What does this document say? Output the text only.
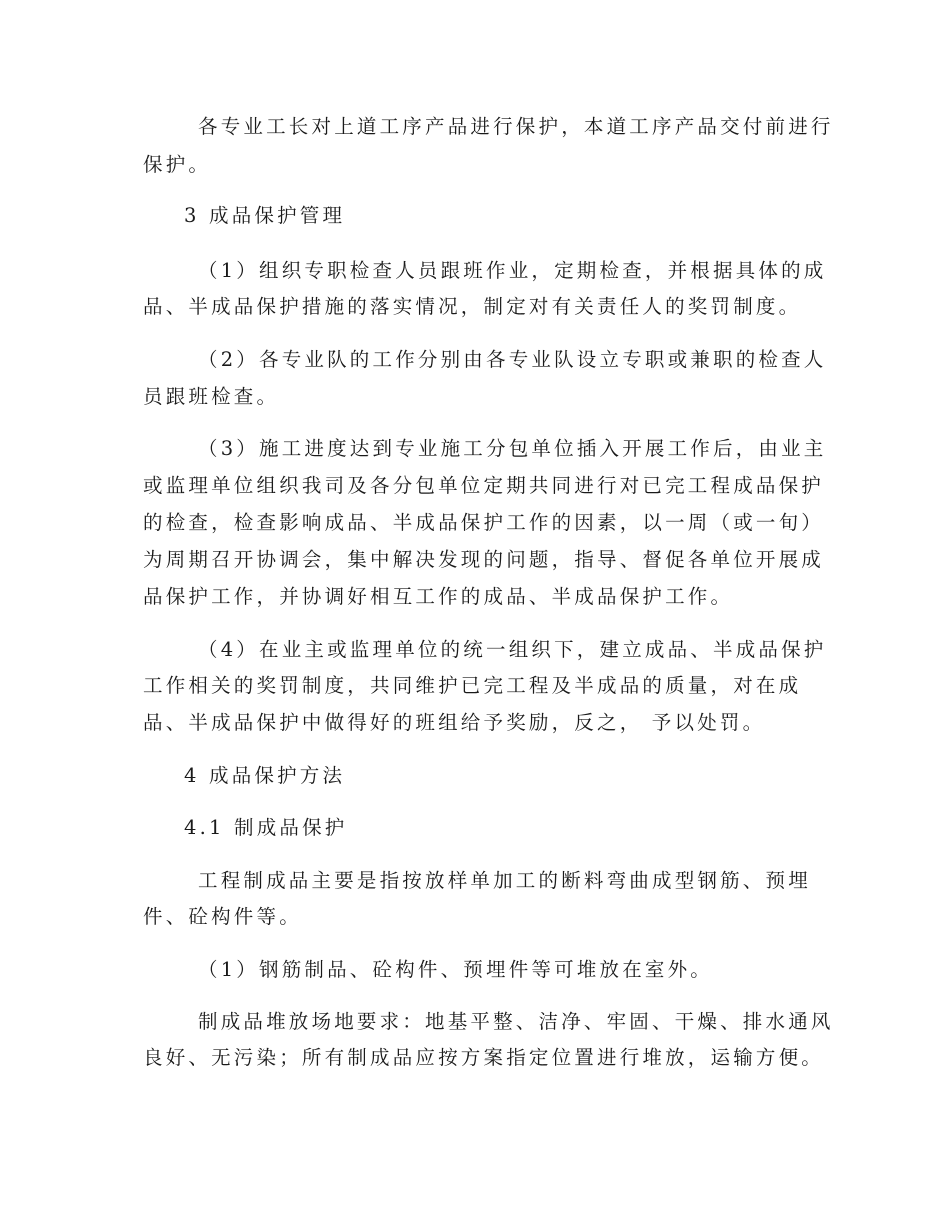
各专业工长对上道工序产品进行保护，本道工序产品交付前进行
保护。
3 成品保护管理
（1）组织专职检查人员跟班作业，定期检查，并根据具体的成
品、半成品保护措施的落实情况，制定对有关责任人的奖罚制度。
（2）各专业队的工作分别由各专业队设立专职或兼职的检查人
员跟班检查。
（3）施工进度达到专业施工分包单位插入开展工作后，由业主
或监理单位组织我司及各分包单位定期共同进行对已完工程成品保护
的检查，检查影响成品、半成品保护工作的因素，以一周（或一旬）
为周期召开协调会，集中解决发现的问题，指导、督促各单位开展成
品保护工作，并协调好相互工作的成品、半成品保护工作。
（4）在业主或监理单位的统一组织下，建立成品、半成品保护
工作相关的奖罚制度，共同维护已完工程及半成品的质量，对在成
品、半成品保护中做得好的班组给予奖励，反之， 予以处罚。
4 成品保护方法
4.1 制成品保护
工程制成品主要是指按放样单加工的断料弯曲成型钢筋、预埋
件、砼构件等。
（1）钢筋制品、砼构件、预埋件等可堆放在室外。
制成品堆放场地要求：地基平整、洁净、牢固、干燥、排水通风
良好、无污染；所有制成品应按方案指定位置进行堆放，运输方便。
